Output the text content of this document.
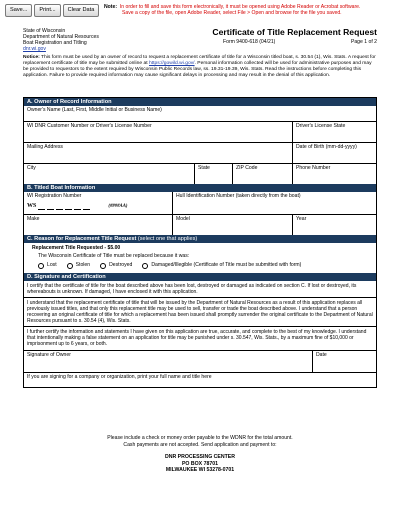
Save...	Print...	Clear Data	Note: In order to fill and save this form electronically, it must be opened using Adobe Reader or Acrobat software.
Save a copy of the file, open Adobe Reader, select File > Open and browse for the file you saved.
State of Wisconsin
Department of Natural Resources
Boat Registration and Titling
dnr.wi.gov
Certificate of Title Replacement Request
Form 9400-618 (04/21)	Page 1 of 2
Notice: This form must be used by an owner of record to request a replacement certificate of title for a Wisconsin titled boat, s. 30.54 (1), Wis. Stats. A request for replacement certificate of title may be submitted online at https://gowild.wi.gov/. Personal information collected will be used for administrative purposes and may be provided to requestors to the extent required by Wisconsin Public Records law, ss. 19.31-19.39, Wis. Stats. Read the instructions before completing this application. Failure to provide required information may cause significant delays in processing and may result in the denial of this application.
A. Owner of Record Information
Owner's Name (Last, First, Middle Initial or Business Name)
WI DNR Customer Number or Driver's License Number	Driver's License State
Mailing Address	Date of Birth (mm-dd-yyyy)
City	State	ZIP Code	Phone Number
B. Titled Boat Information
WI Registration Number
WS	(####AA)
Hull Identification Number (taken directly from the boat)
Make	Model	Year
C. Reason for Replacement Title Request (select one that applies)
Replacement Title Requested - $5.00
The Wisconsin Certificate of Title must be replaced because it was:
Lost	Stolen	Destroyed	Damaged/Illegible (Certificate of Title must be submitted with form)
D. Signature and Certification
I certify that the certificate of title for the boat described above has been lost, destroyed or damaged as indicated on section C. If lost or destroyed, its whereabouts is unknown. If damaged, I have enclosed it with this application.
I understand that the replacement certificate of title that will be issued by the Department of Natural Resources as a result of this application replaces all previously issued titles, and that only this replacement title may be used to sell, transfer or trade the boat described above. I understand that a person recovering an original certificate of title for which a replacement has been issued shall promptly surrender the original certificate to the Department of Natural Resources pursuant to s. 30.54 (4), Wis. Stats.
I further certify the information and statements I have given on this application are true, accurate, and complete to the best of my knowledge. I understand that intentionally making a false statement on an application for title may be punished under s. 30.547, Wis. Stats., by a maximum fine of $10,000 or imprisonment up to 6 years, or both.
Signature of Owner	Date
If you are signing for a company or organization, print your full name and title here
Please include a check or money order payable to the WDNR for the total amount.
Cash payments are not accepted. Send application and payment to:
DNR PROCESSING CENTER
PO BOX 78701
MILWAUKEE WI 53278-0701
